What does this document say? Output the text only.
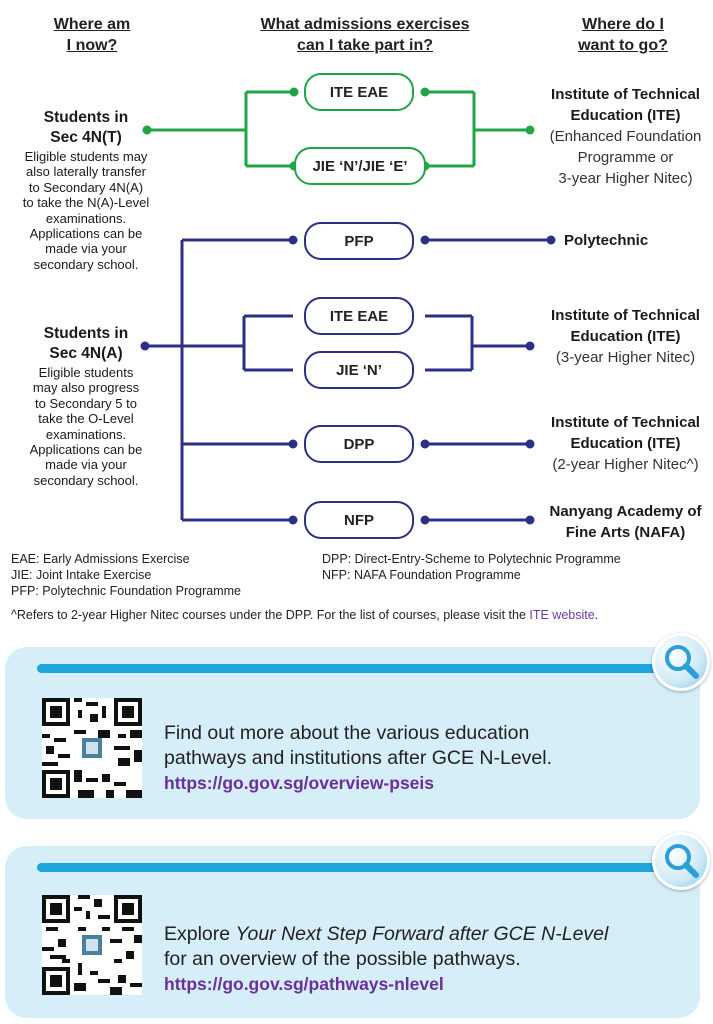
Where am
I now?
What admissions exercises
can I take part in?
Where do I
want to go?
ITE EAE
JIE ‘N’/JIE ‘E’
PFP
ITE EAE
JIE ‘N’
DPP
NFP
Students in
Sec 4N(T)
Eligible students may
also laterally transfer
to Secondary 4N(A)
to take the N(A)-Level
examinations.
Applications can be
made via your
secondary school.
Students in
Sec 4N(A)
Eligible students
may also progress
to Secondary 5 to
take the O-Level
examinations.
Applications can be
made via your
secondary school.
Institute of Technical
Education (ITE)
(Enhanced Foundation
Programme or
3-year Higher Nitec)
Polytechnic
Institute of Technical
Education (ITE)
(3-year Higher Nitec)
Institute of Technical
Education (ITE)
(2-year Higher Nitec^)
Nanyang Academy of
Fine Arts (NAFA)
EAE: Early Admissions Exercise
JIE: Joint Intake Exercise
PFP: Polytechnic Foundation Programme
DPP: Direct-Entry-Scheme to Polytechnic Programme
NFP: NAFA Foundation Programme
^Refers to 2-year Higher Nitec courses under the DPP. For the list of courses, please visit the ITE website.
Find out more about the various education
pathways and institutions after GCE N-Level.
https://go.gov.sg/overview-pseis
Explore Your Next Step Forward after GCE N-Level
for an overview of the possible pathways.
https://go.gov.sg/pathways-nlevel
